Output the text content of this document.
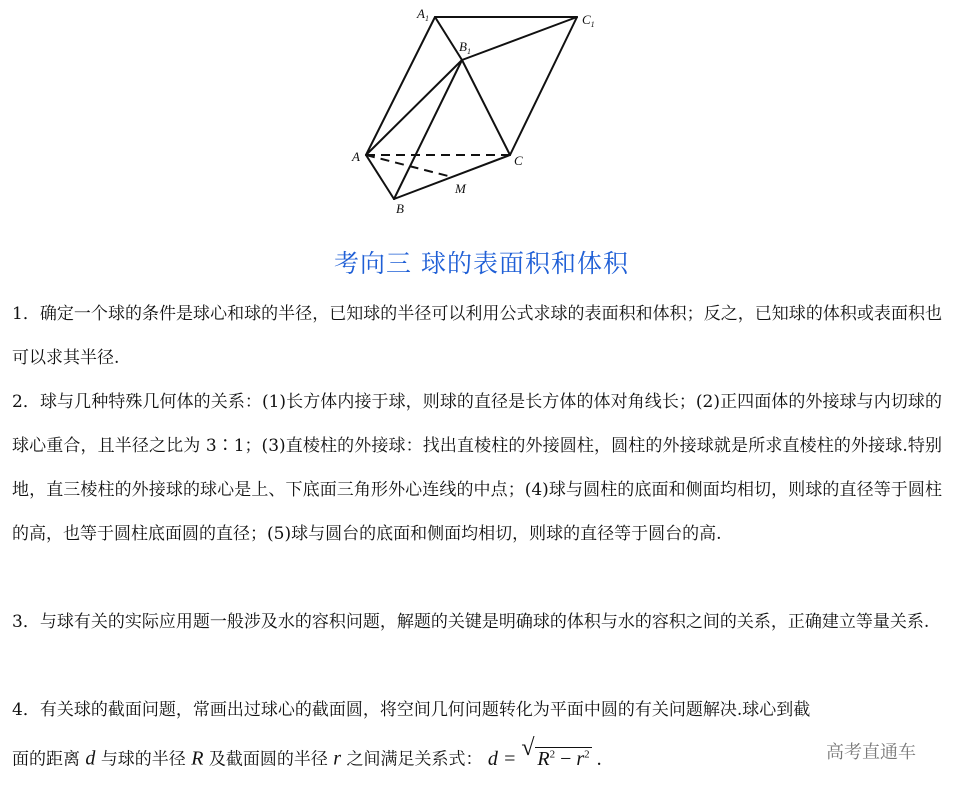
$A_1$
$B_1$
$C_1$
A
B
C
M
考向三 球的表面积和体积
1．确定一个球的条件是球心和球的半径，已知球的半径可以利用公式求球的表面积和体积；反之，已知球的体积或表面积也可以求其半径.
2．球与几种特殊几何体的关系：(1)长方体内接于球，则球的直径是长方体的体对角线长；(2)正四面体的外接球与内切球的球心重合，且半径之比为 3∶1；(3)直棱柱的外接球：找出直棱柱的外接圆柱，圆柱的外接球就是所求直棱柱的外接球.特别地，直三棱柱的外接球的球心是上、下底面三角形外心连线的中点；(4)球与圆柱的底面和侧面均相切，则球的直径等于圆柱的高，也等于圆柱底面圆的直径；(5)球与圆台的底面和侧面均相切，则球的直径等于圆台的高.
3．与球有关的实际应用题一般涉及水的容积问题，解题的关键是明确球的体积与水的容积之间的关系，正确建立等量关系.
4．有关球的截面问题，常画出过球心的截面圆，将空间几何问题转化为平面中圆的有关问题解决.球心到截
面的距离 d 与球的半径 R 及截面圆的半径 r 之间满足关系式： d = √ $R^2 - r^2$ .	高考直通车
